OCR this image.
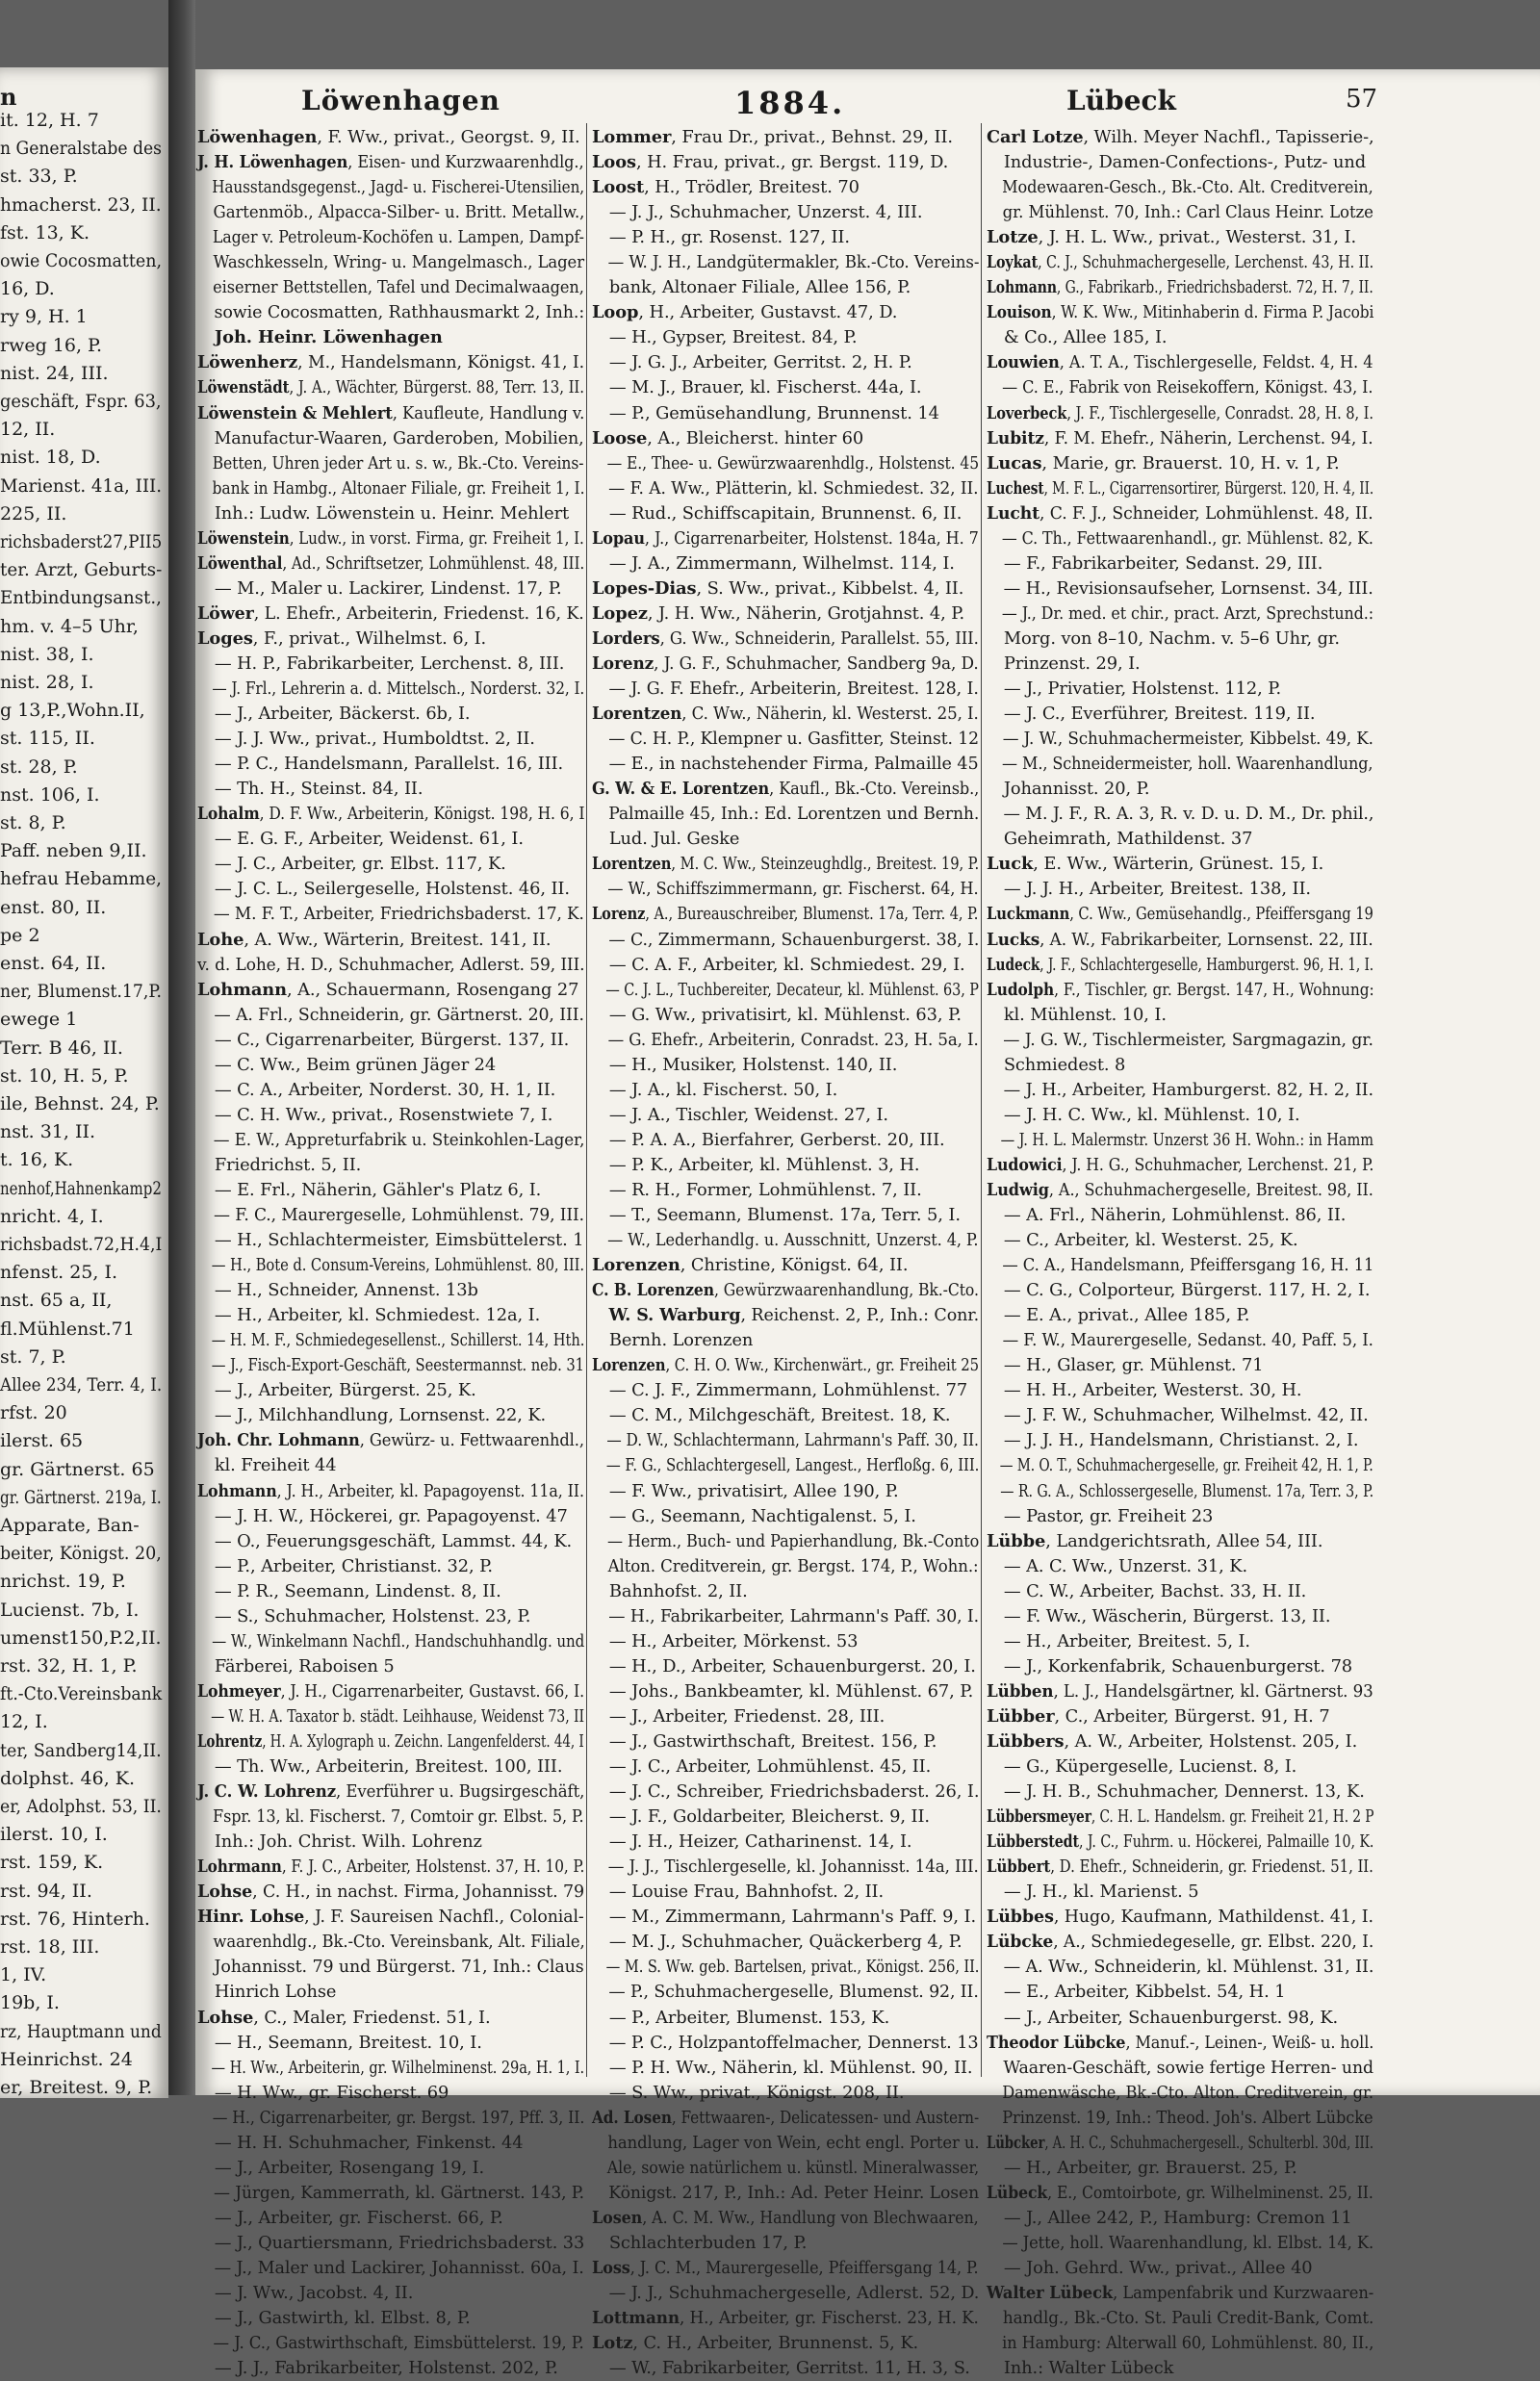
n
it. 12, H. 7
n Generalstabe des
st. 33, P.
hmacherst. 23, II.
fst. 13, K.
owie Cocosmatten,
16, D.
ry 9, H. 1
rweg 16, P.
nist. 24, III.
geschäft, Fspr. 63,
12, II.
nist. 18, D.
Marienst. 41a, III.
225, II.
richsbaderst27,PII5
ter. Arzt, Geburts-
Entbindungsanst.,
hm. v. 4–5 Uhr,
nist. 38, I.
nist. 28, I.
g 13,P.,Wohn.II,
st. 115, II.
st. 28, P.
nst. 106, I.
st. 8, P.
Paff. neben 9,II.
hefrau Hebamme,
enst. 80, II.
pe 2
enst. 64, II.
ner, Blumenst.17,P.
ewege 1
Terr. B 46, II.
st. 10, H. 5, P.
ile, Behnst. 24, P.
nst. 31, II.
t. 16, K.
nenhof,Hahnenkamp2
nricht. 4, I.
richsbadst.72,H.4,I
nfenst. 25, I.
nst. 65 a, II,
fl.Mühlenst.71
st. 7, P.
Allee 234, Terr. 4, I.
rfst. 20
ilerst. 65
gr. Gärtnerst. 65
gr. Gärtnerst. 219a, I.
Apparate, Ban-
beiter, Königst. 20,
nrichst. 19, P.
Lucienst. 7b, I.
umenst150,P.2,II.
rst. 32, H. 1, P.
ft.-Cto.Vereinsbank
12, I.
ter, Sandberg14,II.
dolphst. 46, K.
er, Adolphst. 53, II.
ilerst. 10, I.
rst. 159, K.
rst. 94, II.
rst. 76, Hinterh.
rst. 18, III.
1, IV.
19b, I.
rz, Hauptmann und
Heinrichst. 24
er, Breitest. 9, P.
Löwenhagen	1884.	Lübeck	57
Löwenhagen, F. Ww., privat., Georgst. 9, II.
J. H. Löwenhagen, Eisen- und Kurzwaarenhdlg.,
Hausstandsgegenst., Jagd- u. Fischerei-Utensilien,
Gartenmöb., Alpacca-Silber- u. Britt. Metallw.,
Lager v. Petroleum-Kochöfen u. Lampen, Dampf-
Waschkesseln, Wring- u. Mangelmasch., Lager
eiserner Bettstellen, Tafel und Decimalwaagen,
sowie Cocosmatten, Rathhausmarkt 2, Inh.:
Joh. Heinr. Löwenhagen
Löwenherz, M., Handelsmann, Königst. 41, I.
Löwenstädt, J. A., Wächter, Bürgerst. 88, Terr. 13, II.
Löwenstein & Mehlert, Kaufleute, Handlung v.
Manufactur-Waaren, Garderoben, Mobilien,
Betten, Uhren jeder Art u. s. w., Bk.-Cto. Vereins-
bank in Hambg., Altonaer Filiale, gr. Freiheit 1, I.
Inh.: Ludw. Löwenstein u. Heinr. Mehlert
Löwenstein, Ludw., in vorst. Firma, gr. Freiheit 1, I.
Löwenthal, Ad., Schriftsetzer, Lohmühlenst. 48, III.
— M., Maler u. Lackirer, Lindenst. 17, P.
Löwer, L. Ehefr., Arbeiterin, Friedenst. 16, K.
Loges, F., privat., Wilhelmst. 6, I.
— H. P., Fabrikarbeiter, Lerchenst. 8, III.
— J. Frl., Lehrerin a. d. Mittelsch., Norderst. 32, I.
— J., Arbeiter, Bäckerst. 6b, I.
— J. J. Ww., privat., Humboldtst. 2, II.
— P. C., Handelsmann, Parallelst. 16, III.
— Th. H., Steinst. 84, II.
Lohalm, D. F. Ww., Arbeiterin, Königst. 198, H. 6, I
— E. G. F., Arbeiter, Weidenst. 61, I.
— J. C., Arbeiter, gr. Elbst. 117, K.
— J. C. L., Seilergeselle, Holstenst. 46, II.
— M. F. T., Arbeiter, Friedrichsbaderst. 17, K.
Lohe, A. Ww., Wärterin, Breitest. 141, II.
v. d. Lohe, H. D., Schuhmacher, Adlerst. 59, III.
Lohmann, A., Schauermann, Rosengang 27
— A. Frl., Schneiderin, gr. Gärtnerst. 20, III.
— C., Cigarrenarbeiter, Bürgerst. 137, II.
— C. Ww., Beim grünen Jäger 24
— C. A., Arbeiter, Norderst. 30, H. 1, II.
— C. H. Ww., privat., Rosenstwiete 7, I.
— E. W., Appreturfabrik u. Steinkohlen-Lager,
Friedrichst. 5, II.
— E. Frl., Näherin, Gähler's Platz 6, I.
— F. C., Maurergeselle, Lohmühlenst. 79, III.
— H., Schlachtermeister, Eimsbüttelerst. 1
— H., Bote d. Consum-Vereins, Lohmühlenst. 80, III.
— H., Schneider, Annenst. 13b
— H., Arbeiter, kl. Schmiedest. 12a, I.
— H. M. F., Schmiedegesellenst., Schillerst. 14, Hth.
— J., Fisch-Export-Geschäft, Seestermannst. neb. 31
— J., Arbeiter, Bürgerst. 25, K.
— J., Milchhandlung, Lornsenst. 22, K.
Joh. Chr. Lohmann, Gewürz- u. Fettwaarenhdl.,
kl. Freiheit 44
Lohmann, J. H., Arbeiter, kl. Papagoyenst. 11a, II.
— J. H. W., Höckerei, gr. Papagoyenst. 47
— O., Feuerungsgeschäft, Lammst. 44, K.
— P., Arbeiter, Christianst. 32, P.
— P. R., Seemann, Lindenst. 8, II.
— S., Schuhmacher, Holstenst. 23, P.
— W., Winkelmann Nachfl., Handschuhhandlg. und
Färberei, Raboisen 5
Lohmeyer, J. H., Cigarrenarbeiter, Gustavst. 66, I.
— W. H. A. Taxator b. städt. Leihhause, Weidenst 73, II
Lohrentz, H. A. Xylograph u. Zeichn. Langenfelderst. 44, I
— Th. Ww., Arbeiterin, Breitest. 100, III.
J. C. W. Lohrenz, Everführer u. Bugsirgeschäft,
Fspr. 13, kl. Fischerst. 7, Comtoir gr. Elbst. 5, P.
Inh.: Joh. Christ. Wilh. Lohrenz
Lohrmann, F. J. C., Arbeiter, Holstenst. 37, H. 10, P.
Lohse, C. H., in nachst. Firma, Johannisst. 79
Hinr. Lohse, J. F. Saureisen Nachfl., Colonial-
waarenhdlg., Bk.-Cto. Vereinsbank, Alt. Filiale,
Johannisst. 79 und Bürgerst. 71, Inh.: Claus
Hinrich Lohse
Lohse, C., Maler, Friedenst. 51, I.
— H., Seemann, Breitest. 10, I.
— H. Ww., Arbeiterin, gr. Wilhelminenst. 29a, H. 1, I.
— H. Ww., gr. Fischerst. 69
— H., Cigarrenarbeiter, gr. Bergst. 197, Pff. 3, II.
— H. H. Schuhmacher, Finkenst. 44
— J., Arbeiter, Rosengang 19, I.
— Jürgen, Kammerrath, kl. Gärtnerst. 143, P.
— J., Arbeiter, gr. Fischerst. 66, P.
— J., Quartiersmann, Friedrichsbaderst. 33
— J., Maler und Lackirer, Johannisst. 60a, I.
— J. Ww., Jacobst. 4, II.
— J., Gastwirth, kl. Elbst. 8, P.
— J. C., Gastwirthschaft, Eimsbüttelerst. 19, P.
— J. J., Fabrikarbeiter, Holstenst. 202, P.
Lommer, Frau Dr., privat., Behnst. 29, II.
Loos, H. Frau, privat., gr. Bergst. 119, D.
Loost, H., Trödler, Breitest. 70
— J. J., Schuhmacher, Unzerst. 4, III.
— P. H., gr. Rosenst. 127, II.
— W. J. H., Landgütermakler, Bk.-Cto. Vereins-
bank, Altonaer Filiale, Allee 156, P.
Loop, H., Arbeiter, Gustavst. 47, D.
— H., Gypser, Breitest. 84, P.
— J. G. J., Arbeiter, Gerritst. 2, H. P.
— M. J., Brauer, kl. Fischerst. 44a, I.
— P., Gemüsehandlung, Brunnenst. 14
Loose, A., Bleicherst. hinter 60
— E., Thee- u. Gewürzwaarenhdlg., Holstenst. 45
— F. A. Ww., Plätterin, kl. Schmiedest. 32, II.
— Rud., Schiffscapitain, Brunnenst. 6, II.
Lopau, J., Cigarrenarbeiter, Holstenst. 184a, H. 7
— J. A., Zimmermann, Wilhelmst. 114, I.
Lopes-Dias, S. Ww., privat., Kibbelst. 4, II.
Lopez, J. H. Ww., Näherin, Grotjahnst. 4, P.
Lorders, G. Ww., Schneiderin, Parallelst. 55, III.
Lorenz, J. G. F., Schuhmacher, Sandberg 9a, D.
— J. G. F. Ehefr., Arbeiterin, Breitest. 128, I.
Lorentzen, C. Ww., Näherin, kl. Westerst. 25, I.
— C. H. P., Klempner u. Gasfitter, Steinst. 12
— E., in nachstehender Firma, Palmaille 45
G. W. & E. Lorentzen, Kaufl., Bk.-Cto. Vereinsb.,
Palmaille 45, Inh.: Ed. Lorentzen und Bernh.
Lud. Jul. Geske
Lorentzen, M. C. Ww., Steinzeughdlg., Breitest. 19, P.
— W., Schiffszimmermann, gr. Fischerst. 64, H.
Lorenz, A., Bureauschreiber, Blumenst. 17a, Terr. 4, P.
— C., Zimmermann, Schauenburgerst. 38, I.
— C. A. F., Arbeiter, kl. Schmiedest. 29, I.
— C. J. L., Tuchbereiter, Decateur, kl. Mühlenst. 63, P
— G. Ww., privatisirt, kl. Mühlenst. 63, P.
— G. Ehefr., Arbeiterin, Conradst. 23, H. 5a, I.
— H., Musiker, Holstenst. 140, II.
— J. A., kl. Fischerst. 50, I.
— J. A., Tischler, Weidenst. 27, I.
— P. A. A., Bierfahrer, Gerberst. 20, III.
— P. K., Arbeiter, kl. Mühlenst. 3, H.
— R. H., Former, Lohmühlenst. 7, II.
— T., Seemann, Blumenst. 17a, Terr. 5, I.
— W., Lederhandlg. u. Ausschnitt, Unzerst. 4, P.
Lorenzen, Christine, Königst. 64, II.
C. B. Lorenzen, Gewürzwaarenhandlung, Bk.-Cto.
W. S. Warburg, Reichenst. 2, P., Inh.: Conr.
Bernh. Lorenzen
Lorenzen, C. H. O. Ww., Kirchenwärt., gr. Freiheit 25
— C. J. F., Zimmermann, Lohmühlenst. 77
— C. M., Milchgeschäft, Breitest. 18, K.
— D. W., Schlachtermann, Lahrmann's Paff. 30, II.
— F. G., Schlachtergesell, Langest., Herfloßg. 6, III.
— F. Ww., privatisirt, Allee 190, P.
— G., Seemann, Nachtigalenst. 5, I.
— Herm., Buch- und Papierhandlung, Bk.-Conto
Alton. Creditverein, gr. Bergst. 174, P., Wohn.:
Bahnhofst. 2, II.
— H., Fabrikarbeiter, Lahrmann's Paff. 30, I.
— H., Arbeiter, Mörkenst. 53
— H., D., Arbeiter, Schauenburgerst. 20, I.
— Johs., Bankbeamter, kl. Mühlenst. 67, P.
— J., Arbeiter, Friedenst. 28, III.
— J., Gastwirthschaft, Breitest. 156, P.
— J. C., Arbeiter, Lohmühlenst. 45, II.
— J. C., Schreiber, Friedrichsbaderst. 26, I.
— J. F., Goldarbeiter, Bleicherst. 9, II.
— J. H., Heizer, Catharinenst. 14, I.
— J. J., Tischlergeselle, kl. Johannisst. 14a, III.
— Louise Frau, Bahnhofst. 2, II.
— M., Zimmermann, Lahrmann's Paff. 9, I.
— M. J., Schuhmacher, Quäckerberg 4, P.
— M. S. Ww. geb. Bartelsen, privat., Königst. 256, II.
— P., Schuhmachergeselle, Blumenst. 92, II.
— P., Arbeiter, Blumenst. 153, K.
— P. C., Holzpantoffelmacher, Dennerst. 13
— P. H. Ww., Näherin, kl. Mühlenst. 90, II.
— S. Ww., privat., Königst. 208, II.
Ad. Losen, Fettwaaren-, Delicatessen- und Austern-
handlung, Lager von Wein, echt engl. Porter u.
Ale, sowie natürlichem u. künstl. Mineralwasser,
Königst. 217, P., Inh.: Ad. Peter Heinr. Losen
Losen, A. C. M. Ww., Handlung von Blechwaaren,
Schlachterbuden 17, P.
Loss, J. C. M., Maurergeselle, Pfeiffersgang 14, P.
— J. J., Schuhmachergeselle, Adlerst. 52, D.
Lottmann, H., Arbeiter, gr. Fischerst. 23, H. K.
Lotz, C. H., Arbeiter, Brunnenst. 5, K.
— W., Fabrikarbeiter, Gerritst. 11, H. 3, S.
Carl Lotze, Wilh. Meyer Nachfl., Tapisserie-,
Industrie-, Damen-Confections-, Putz- und
Modewaaren-Gesch., Bk.-Cto. Alt. Creditverein,
gr. Mühlenst. 70, Inh.: Carl Claus Heinr. Lotze
Lotze, J. H. L. Ww., privat., Westerst. 31, I.
Loykat, C. J., Schuhmachergeselle, Lerchenst. 43, H. II.
Lohmann, G., Fabrikarb., Friedrichsbaderst. 72, H. 7, II.
Louison, W. K. Ww., Mitinhaberin d. Firma P. Jacobi
& Co., Allee 185, I.
Louwien, A. T. A., Tischlergeselle, Feldst. 4, H. 4
— C. E., Fabrik von Reisekoffern, Königst. 43, I.
Loverbeck, J. F., Tischlergeselle, Conradst. 28, H. 8, I.
Lubitz, F. M. Ehefr., Näherin, Lerchenst. 94, I.
Lucas, Marie, gr. Brauerst. 10, H. v. 1, P.
Luchest, M. F. L., Cigarrensortirer, Bürgerst. 120, H. 4, II.
Lucht, C. F. J., Schneider, Lohmühlenst. 48, II.
— C. Th., Fettwaarenhandl., gr. Mühlenst. 82, K.
— F., Fabrikarbeiter, Sedanst. 29, III.
— H., Revisionsaufseher, Lornsenst. 34, III.
— J., Dr. med. et chir., pract. Arzt, Sprechstund.:
Morg. von 8–10, Nachm. v. 5–6 Uhr, gr.
Prinzenst. 29, I.
— J., Privatier, Holstenst. 112, P.
— J. C., Everführer, Breitest. 119, II.
— J. W., Schuhmachermeister, Kibbelst. 49, K.
— M., Schneidermeister, holl. Waarenhandlung,
Johannisst. 20, P.
— M. J. F., R. A. 3, R. v. D. u. D. M., Dr. phil.,
Geheimrath, Mathildenst. 37
Luck, E. Ww., Wärterin, Grünest. 15, I.
— J. J. H., Arbeiter, Breitest. 138, II.
Luckmann, C. Ww., Gemüsehandlg., Pfeiffersgang 19
Lucks, A. W., Fabrikarbeiter, Lornsenst. 22, III.
Ludeck, J. F., Schlachtergeselle, Hamburgerst. 96, H. 1, I.
Ludolph, F., Tischler, gr. Bergst. 147, H., Wohnung:
kl. Mühlenst. 10, I.
— J. G. W., Tischlermeister, Sargmagazin, gr.
Schmiedest. 8
— J. H., Arbeiter, Hamburgerst. 82, H. 2, II.
— J. H. C. Ww., kl. Mühlenst. 10, I.
— J. H. L. Malermstr. Unzerst 36 H. Wohn.: in Hamm
Ludowici, J. H. G., Schuhmacher, Lerchenst. 21, P.
Ludwig, A., Schuhmachergeselle, Breitest. 98, II.
— A. Frl., Näherin, Lohmühlenst. 86, II.
— C., Arbeiter, kl. Westerst. 25, K.
— C. A., Handelsmann, Pfeiffersgang 16, H. 11
— C. G., Colporteur, Bürgerst. 117, H. 2, I.
— E. A., privat., Allee 185, P.
— F. W., Maurergeselle, Sedanst. 40, Paff. 5, I.
— H., Glaser, gr. Mühlenst. 71
— H. H., Arbeiter, Westerst. 30, H.
— J. F. W., Schuhmacher, Wilhelmst. 42, II.
— J. J. H., Handelsmann, Christianst. 2, I.
— M. O. T., Schuhmachergeselle, gr. Freiheit 42, H. 1, P.
— R. G. A., Schlossergeselle, Blumenst. 17a, Terr. 3, P.
— Pastor, gr. Freiheit 23
Lübbe, Landgerichtsrath, Allee 54, III.
— A. C. Ww., Unzerst. 31, K.
— C. W., Arbeiter, Bachst. 33, H. II.
— F. Ww., Wäscherin, Bürgerst. 13, II.
— H., Arbeiter, Breitest. 5, I.
— J., Korkenfabrik, Schauenburgerst. 78
Lübben, L. J., Handelsgärtner, kl. Gärtnerst. 93
Lübber, C., Arbeiter, Bürgerst. 91, H. 7
Lübbers, A. W., Arbeiter, Holstenst. 205, I.
— G., Küpergeselle, Lucienst. 8, I.
— J. H. B., Schuhmacher, Dennerst. 13, K.
Lübbersmeyer, C. H. L. Handelsm. gr. Freiheit 21, H. 2 P
Lübberstedt, J. C., Fuhrm. u. Höckerei, Palmaille 10, K.
Lübbert, D. Ehefr., Schneiderin, gr. Friedenst. 51, II.
— J. H., kl. Marienst. 5
Lübbes, Hugo, Kaufmann, Mathildenst. 41, I.
Lübcke, A., Schmiedegeselle, gr. Elbst. 220, I.
— A. Ww., Schneiderin, kl. Mühlenst. 31, II.
— E., Arbeiter, Kibbelst. 54, H. 1
— J., Arbeiter, Schauenburgerst. 98, K.
Theodor Lübcke, Manuf.-, Leinen-, Weiß- u. holl.
Waaren-Geschäft, sowie fertige Herren- und
Damenwäsche, Bk.-Cto. Alton. Creditverein, gr.
Prinzenst. 19, Inh.: Theod. Joh's. Albert Lübcke
Lübcker, A. H. C., Schuhmachergesell., Schulterbl. 30d, III.
— H., Arbeiter, gr. Brauerst. 25, P.
Lübeck, E., Comtoirbote, gr. Wilhelminenst. 25, II.
— J., Allee 242, P., Hamburg: Cremon 11
— Jette, holl. Waarenhandlung, kl. Elbst. 14, K.
— Joh. Gehrd. Ww., privat., Allee 40
Walter Lübeck, Lampenfabrik und Kurzwaaren-
handlg., Bk.-Cto. St. Pauli Credit-Bank, Comt.
in Hamburg: Alterwall 60, Lohmühlenst. 80, II.,
Inh.: Walter Lübeck
